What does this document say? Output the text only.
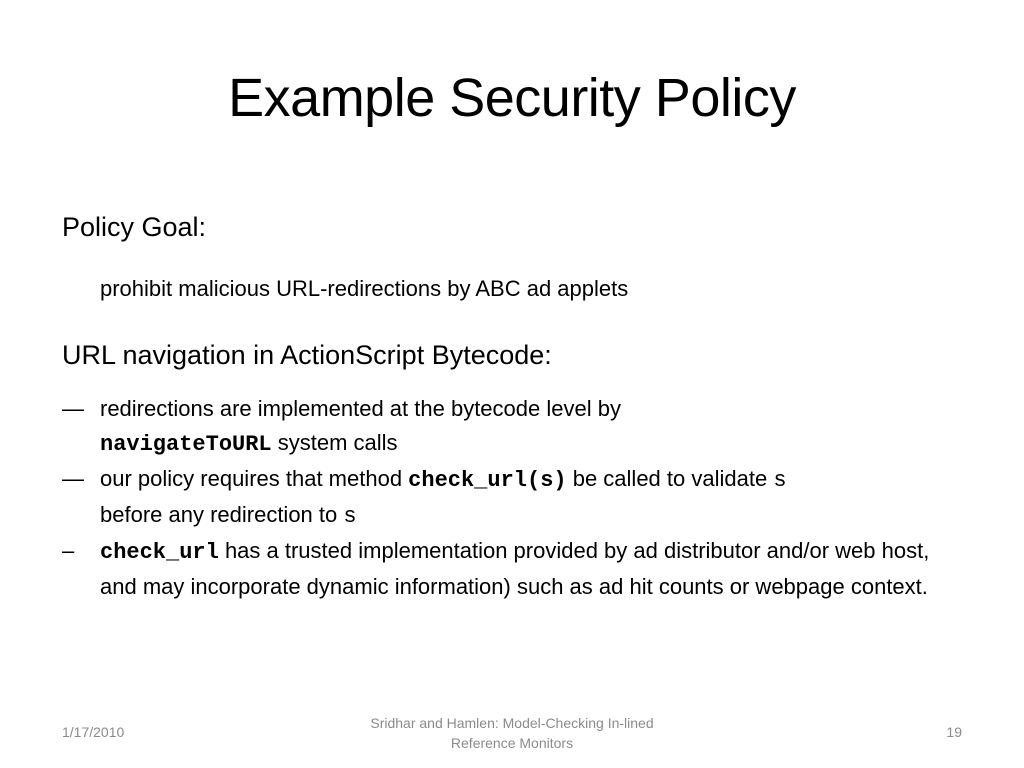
Example Security Policy
Policy Goal:
prohibit malicious URL-redirections by ABC ad applets
URL navigation in ActionScript Bytecode:
— redirections are implemented at the bytecode level by
navigateToURL system calls
— our policy requires that method check_url(s) be called to validate s
before any redirection to s
–	check_url has a trusted implementation provided by ad distributor and/or web host, and may incorporate dynamic information) such as ad hit counts or webpage context.
1/17/2010
Sridhar and Hamlen: Model-Checking In-lined Reference Monitors
19
